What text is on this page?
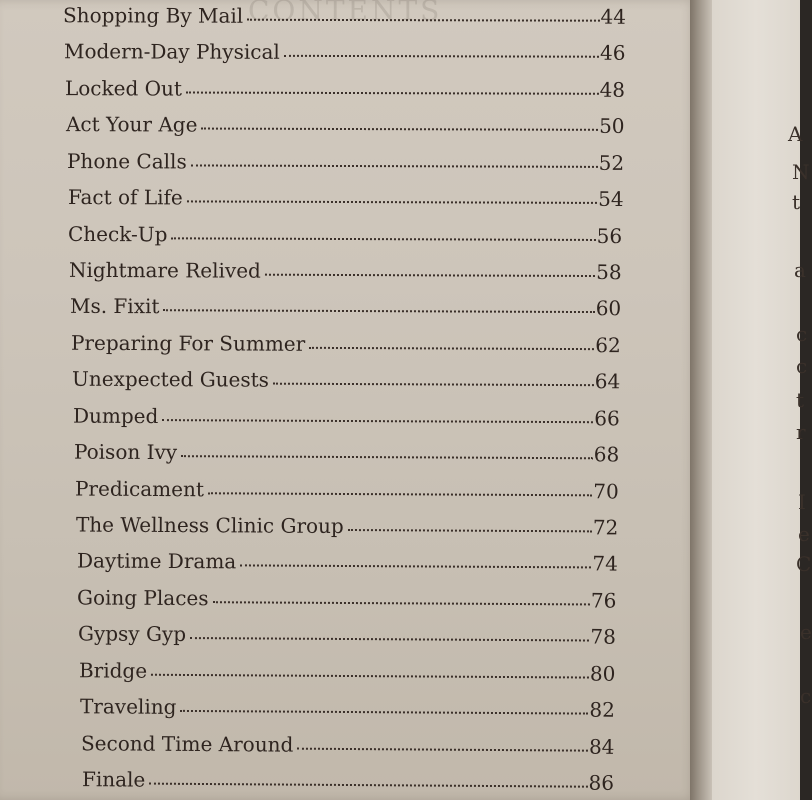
CONTENTS
Shopping By Mail	44
Modern-Day Physical	46
Locked Out	48
Act Your Age	50
Phone Calls	52
Fact of Life	54
Check-Up	56
Nightmare Relived	58
Ms. Fixit	60
Preparing For Summer	62
Unexpected Guests	64
Dumped	66
Poison Ivy	68
Predicament	70
The Wellness Clinic Group	72
Daytime Drama	74
Going Places	76
Gypsy Gyp	78
Bridge	80
Traveling	82
Second Time Around	84
Finale	86
A
N
t
a
c
c
t
r
I
e
C
e
c
